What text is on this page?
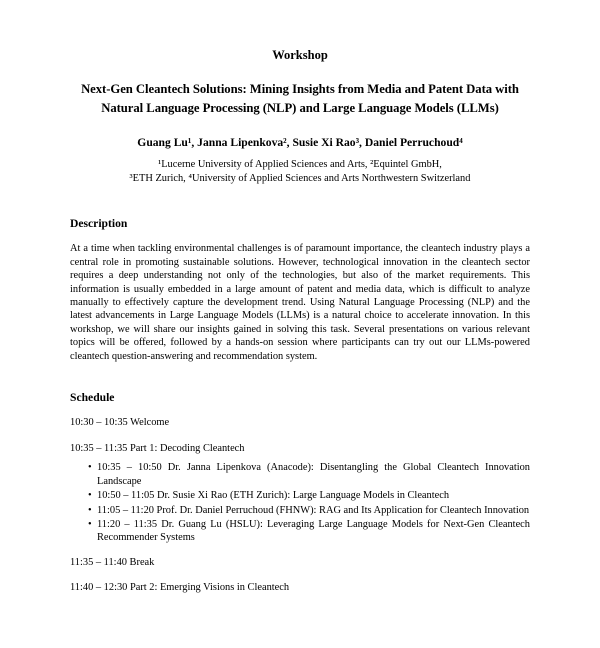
Workshop
Next-Gen Cleantech Solutions: Mining Insights from Media and Patent Data with Natural Language Processing (NLP) and Large Language Models (LLMs)
Guang Lu¹, Janna Lipenkova², Susie Xi Rao³, Daniel Perruchoud⁴
¹Lucerne University of Applied Sciences and Arts, ²Equintel GmbH,
³ETH Zurich, ⁴University of Applied Sciences and Arts Northwestern Switzerland
Description
At a time when tackling environmental challenges is of paramount importance, the cleantech industry plays a central role in promoting sustainable solutions. However, technological innovation in the cleantech sector requires a deep understanding not only of the technologies, but also of the market requirements. This information is usually embedded in a large amount of patent and media data, which is difficult to analyze manually to effectively capture the development trend. Using Natural Language Processing (NLP) and the latest advancements in Large Language Models (LLMs) is a natural choice to accelerate innovation. In this workshop, we will share our insights gained in solving this task. Several presentations on various relevant topics will be offered, followed by a hands-on session where participants can try out our LLMs-powered cleantech question-answering and recommendation system.
Schedule
10:30 – 10:35 Welcome
10:35 – 11:35 Part 1: Decoding Cleantech
• 10:35 – 10:50 Dr. Janna Lipenkova (Anacode): Disentangling the Global Cleantech Innovation Landscape
• 10:50 – 11:05 Dr. Susie Xi Rao (ETH Zurich): Large Language Models in Cleantech
• 11:05 – 11:20 Prof. Dr. Daniel Perruchoud (FHNW): RAG and Its Application for Cleantech Innovation
• 11:20 – 11:35 Dr. Guang Lu (HSLU): Leveraging Large Language Models for Next-Gen Cleantech Recommender Systems
11:35 – 11:40 Break
11:40 – 12:30 Part 2: Emerging Visions in Cleantech
